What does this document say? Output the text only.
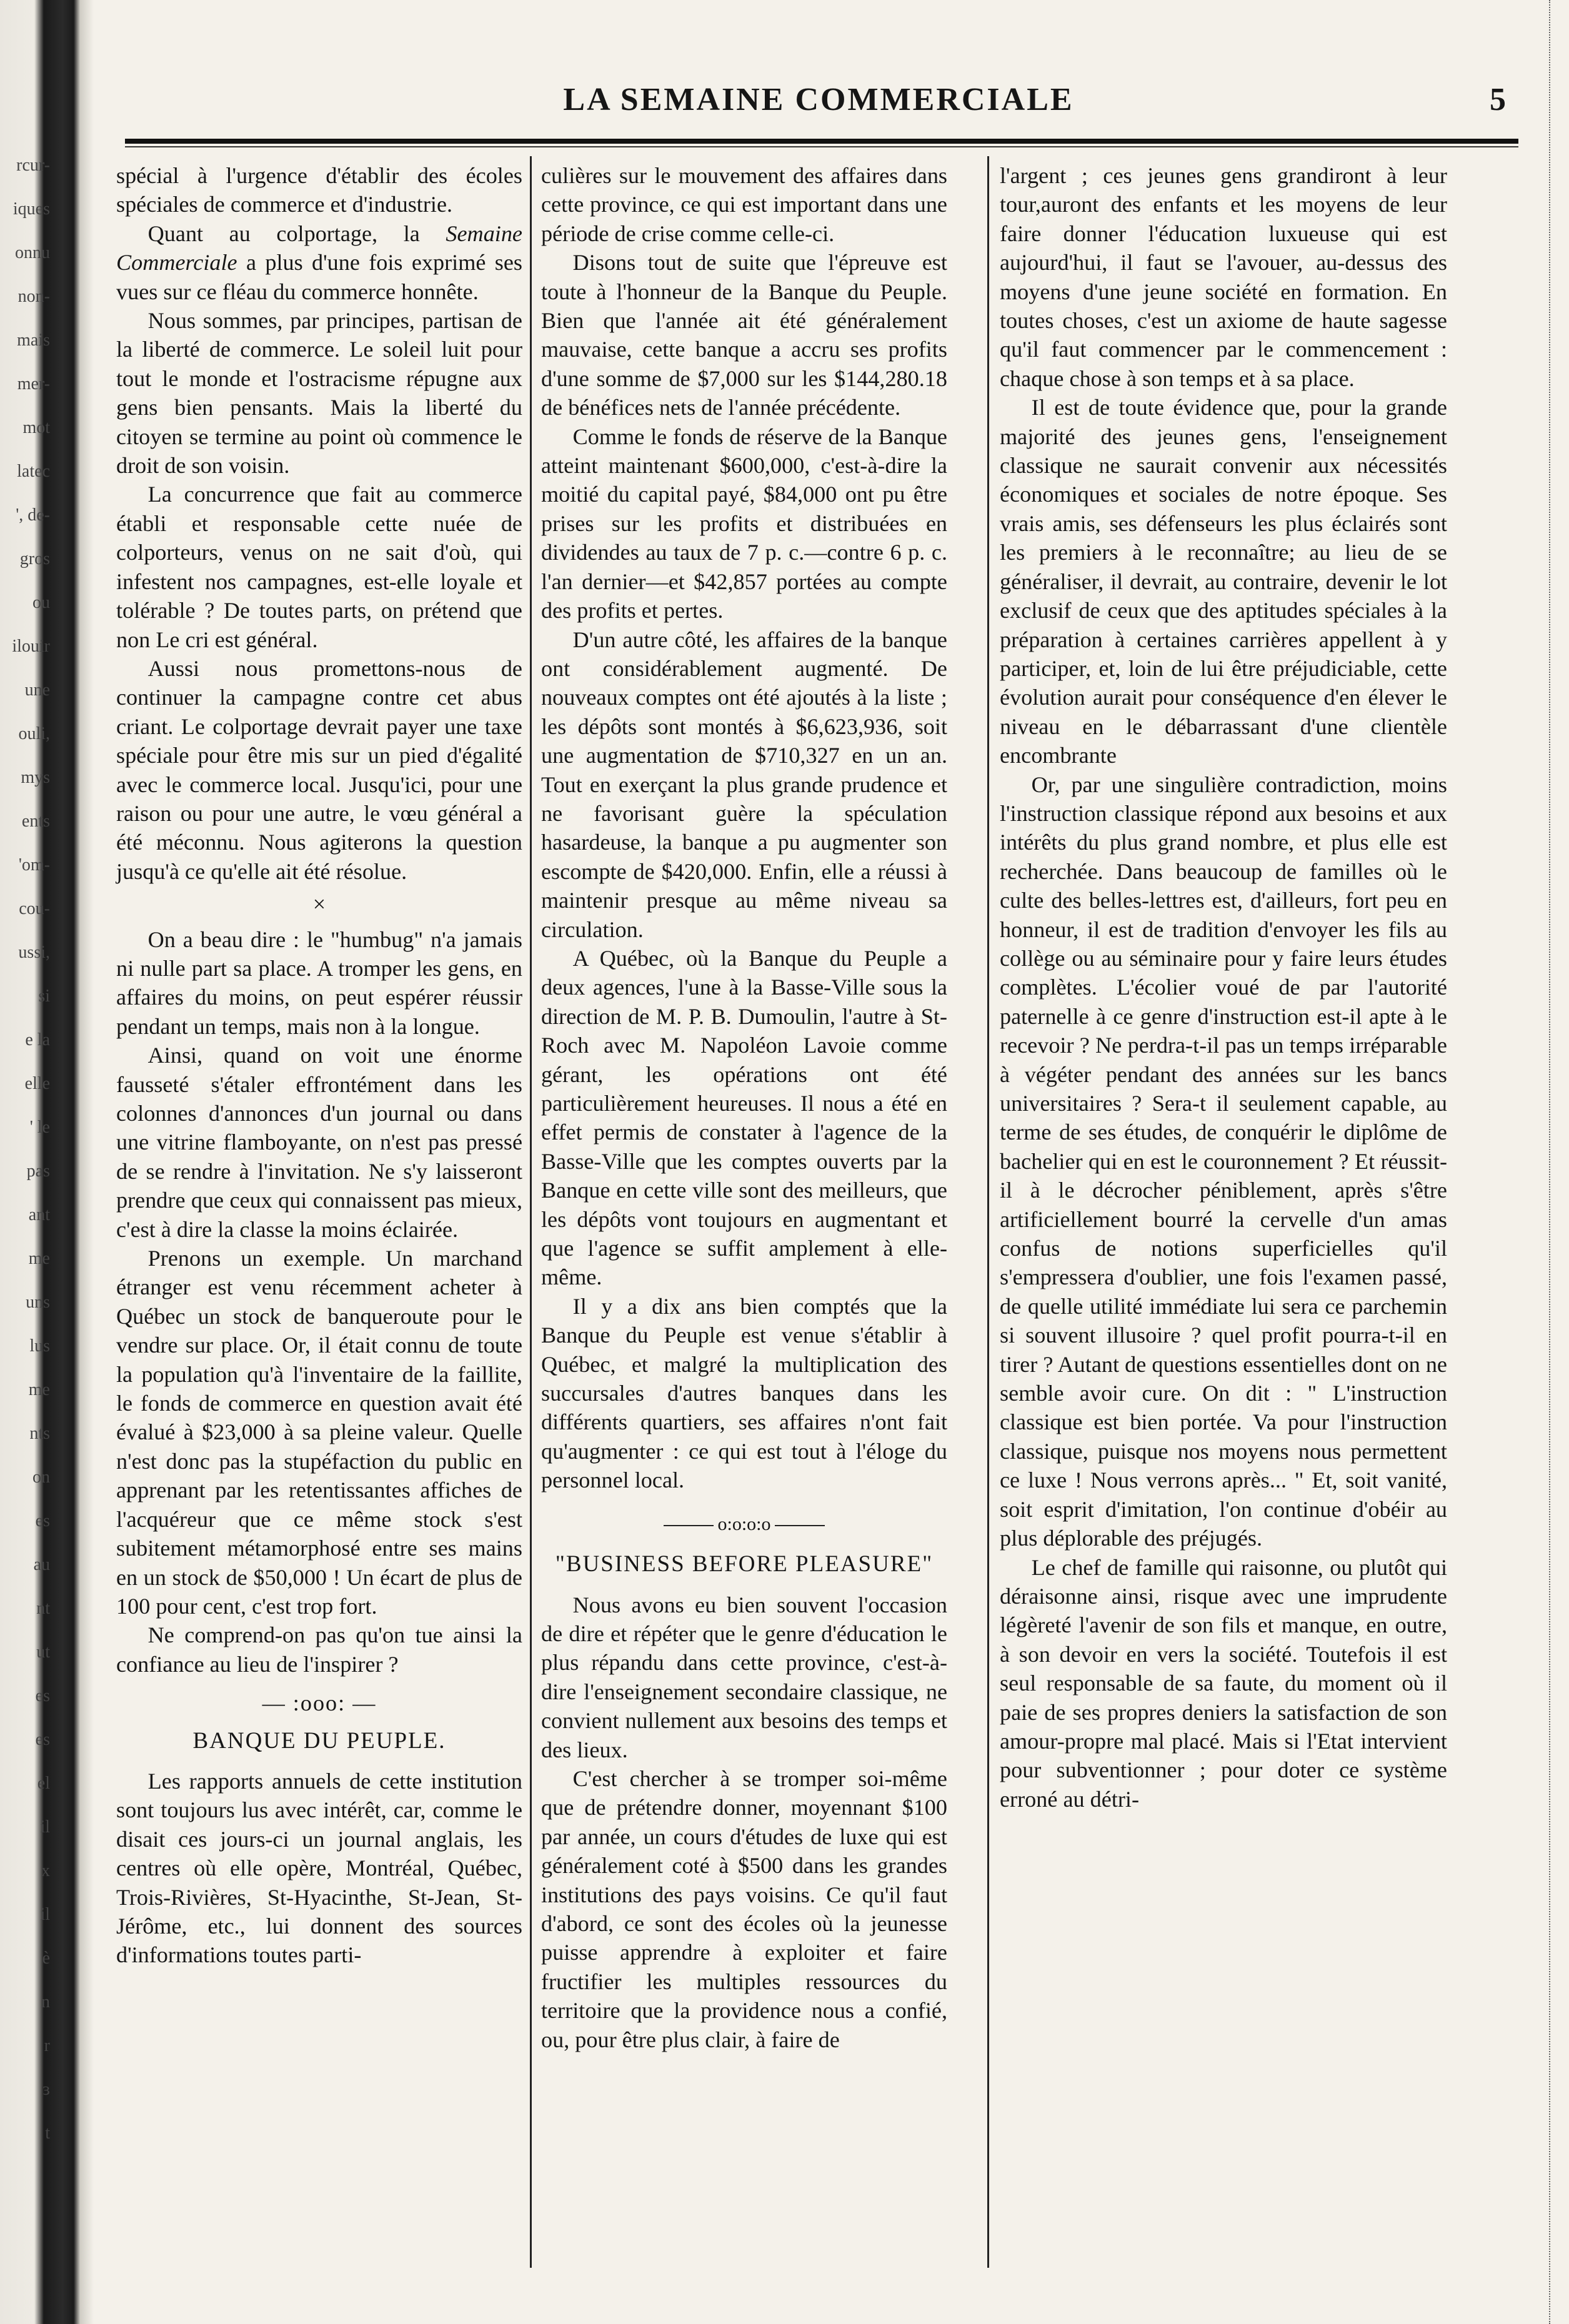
rcur-
iques
onnu
non-
mais
mer-
mot
latec
', de-
gros
ou
ilouir
une
ouli,
mys
ents
'om-
cou-
ussi,
si
e la
elle
' le
pas
ant
me
uns
lus
me
nts
on
es
au
nt
ut
es
es
el
il
x
il
è
n
r
ɜ
t
LA SEMAINE COMMERCIALE	5

spécial à l'urgence d'établir des écoles spéciales de commerce et d'industrie.

Quant au colportage, la Semaine Commerciale a plus d'une fois exprimé ses vues sur ce fléau du commerce honnête.

Nous sommes, par principes, partisan de la liberté de commerce. Le soleil luit pour tout le monde et l'ostracisme répugne aux gens bien pensants. Mais la liberté du citoyen se termine au point où commence le droit de son voisin.

La concurrence que fait au commerce établi et responsable cette nuée de colporteurs, venus on ne sait d'où, qui infestent nos campagnes, est-elle loyale et tolérable ? De toutes parts, on prétend que non Le cri est général.

Aussi nous promettons-nous de continuer la campagne contre cet abus criant. Le colportage devrait payer une taxe spéciale pour être mis sur un pied d'égalité avec le commerce local. Jusqu'ici, pour une raison ou pour une autre, le vœu général a été méconnu. Nous agiterons la question jusqu'à ce qu'elle ait été résolue.

×

On a beau dire : le "humbug" n'a jamais ni nulle part sa place. A tromper les gens, en affaires du moins, on peut espérer réussir pendant un temps, mais non à la longue.

Ainsi, quand on voit une énorme fausseté s'étaler effrontément dans les colonnes d'annonces d'un journal ou dans une vitrine flamboyante, on n'est pas pressé de se rendre à l'invitation. Ne s'y laisseront prendre que ceux qui connaissent pas mieux, c'est à dire la classe la moins éclairée.

Prenons un exemple. Un marchand étranger est venu récemment acheter à Québec un stock de banqueroute pour le vendre sur place. Or, il était connu de toute la population qu'à l'inventaire de la faillite, le fonds de commerce en question avait été évalué à $23,000 à sa pleine valeur. Quelle n'est donc pas la stupéfaction du public en apprenant par les retentissantes affiches de l'acquéreur que ce même stock s'est subitement métamorphosé entre ses mains en un stock de $50,000 ! Un écart de plus de 100 pour cent, c'est trop fort.

Ne comprend-on pas qu'on tue ainsi la confiance au lieu de l'inspirer ?

— :ooo: —

BANQUE DU PEUPLE.

Les rapports annuels de cette institution sont toujours lus avec intérêt, car, comme le disait ces jours-ci un journal anglais, les centres où elle opère, Montréal, Québec, Trois-Rivières, St-Hyacinthe, St-Jean, St- Jérôme, etc., lui donnent des sources d'informations toutes parti-

culières sur le mouvement des affaires dans cette province, ce qui est important dans une période de crise comme celle-ci.

Disons tout de suite que l'épreuve est toute à l'honneur de la Banque du Peuple. Bien que l'année ait été généralement mauvaise, cette banque a accru ses profits d'une somme de $7,000 sur les $144,280.18 de bénéfices nets de l'année précédente.

Comme le fonds de réserve de la Banque atteint maintenant $600,000, c'est-à-dire la moitié du capital payé, $84,000 ont pu être prises sur les profits et distribuées en dividendes au taux de 7 p. c.—contre 6 p. c. l'an dernier—et $42,857 portées au compte des profits et pertes.

D'un autre côté, les affaires de la banque ont considérablement augmenté. De nouveaux comptes ont été ajoutés à la liste ; les dépôts sont montés à $6,623,936, soit une augmentation de $710,327 en un an. Tout en exerçant la plus grande prudence et ne favorisant guère la spéculation hasardeuse, la banque a pu augmenter son escompte de $420,000. Enfin, elle a réussi à maintenir presque au même niveau sa circulation.

A Québec, où la Banque du Peuple a deux agences, l'une à la Basse-Ville sous la direction de M. P. B. Dumoulin, l'autre à St-Roch avec M. Napoléon Lavoie comme gérant, les opérations ont été particulièrement heureuses. Il nous a été en effet permis de constater à l'agence de la Basse-Ville que les comptes ouverts par la Banque en cette ville sont des meilleurs, que les dépôts vont toujours en augmentant et que l'agence se suffit amplement à elle-même.

Il y a dix ans bien comptés que la Banque du Peuple est venue s'établir à Québec, et malgré la multiplication des succursales d'autres banques dans les différents quartiers, ses affaires n'ont fait qu'augmenter : ce qui est tout à l'éloge du personnel local.

o:o:o:o

"BUSINESS BEFORE PLEASURE"

Nous avons eu bien souvent l'occasion de dire et répéter que le genre d'éducation le plus répandu dans cette province, c'est-à-dire l'enseignement secondaire classique, ne convient nullement aux besoins des temps et des lieux.

C'est chercher à se tromper soi-même que de prétendre donner, moyennant $100 par année, un cours d'études de luxe qui est généralement coté à $500 dans les grandes institutions des pays voisins. Ce qu'il faut d'abord, ce sont des écoles où la jeunesse puisse apprendre à exploiter et faire fructifier les multiples ressources du territoire que la providence nous a confié, ou, pour être plus clair, à faire de

l'argent ; ces jeunes gens grandiront à leur tour,auront des enfants et les moyens de leur faire donner l'éducation luxueuse qui est aujourd'hui, il faut se l'avouer, au-dessus des moyens d'une jeune société en formation. En toutes choses, c'est un axiome de haute sagesse qu'il faut commencer par le commencement : chaque chose à son temps et à sa place.

Il est de toute évidence que, pour la grande majorité des jeunes gens, l'enseignement classique ne saurait convenir aux nécessités économiques et sociales de notre époque. Ses vrais amis, ses défenseurs les plus éclairés sont les premiers à le reconnaître; au lieu de se généraliser, il devrait, au contraire, devenir le lot exclusif de ceux que des aptitudes spéciales à la préparation à certaines carrières appellent à y participer, et, loin de lui être préjudiciable, cette évolution aurait pour conséquence d'en élever le niveau en le débarrassant d'une clientèle encombrante

Or, par une singulière contradiction, moins l'instruction classique répond aux besoins et aux intérêts du plus grand nombre, et plus elle est recherchée. Dans beaucoup de familles où le culte des belles-lettres est, d'ailleurs, fort peu en honneur, il est de tradition d'envoyer les fils au collège ou au séminaire pour y faire leurs études complètes. L'écolier voué de par l'autorité paternelle à ce genre d'instruction est-il apte à le recevoir ? Ne perdra-t-il pas un temps irréparable à végéter pendant des années sur les bancs universitaires ? Sera-t il seulement capable, au terme de ses études, de conquérir le diplôme de bachelier qui en est le couronnement ? Et réussit-il à le décrocher péniblement, après s'être artificiellement bourré la cervelle d'un amas confus de notions superficielles qu'il s'empressera d'oublier, une fois l'examen passé, de quelle utilité immédiate lui sera ce parchemin si souvent illusoire ? quel profit pourra-t-il en tirer ? Autant de questions essentielles dont on ne semble avoir cure. On dit : " L'instruction classique est bien portée. Va pour l'instruction classique, puisque nos moyens nous permettent ce luxe ! Nous verrons après... " Et, soit vanité, soit esprit d'imitation, l'on continue d'obéir au plus déplorable des préjugés.

Le chef de famille qui raisonne, ou plutôt qui déraisonne ainsi, risque avec une imprudente légèreté l'avenir de son fils et manque, en outre, à son devoir en vers la société. Toutefois il est seul responsable de sa faute, du moment où il paie de ses propres deniers la satisfaction de son amour-propre mal placé. Mais si l'Etat intervient pour subventionner ; pour doter ce système erroné au détri-
